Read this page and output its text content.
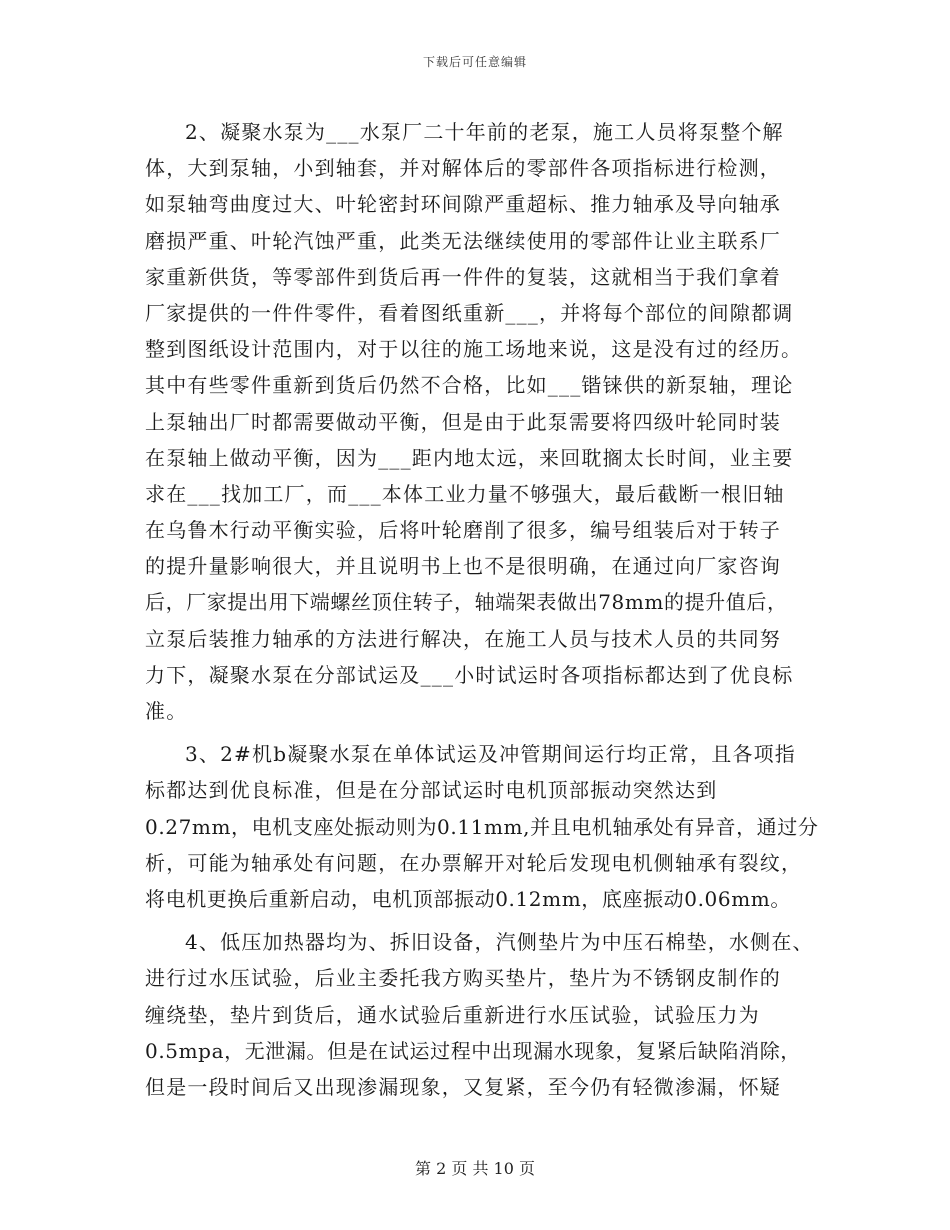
下载后可任意编辑
2、凝聚水泵为___水泵厂二十年前的老泵，施工人员将泵整个解
体，大到泵轴，小到轴套，并对解体后的零部件各项指标进行检测，
如泵轴弯曲度过大、叶轮密封环间隙严重超标、推力轴承及导向轴承
磨损严重、叶轮汽蚀严重，此类无法继续使用的零部件让业主联系厂
家重新供货，等零部件到货后再一件件的复装，这就相当于我们拿着
厂家提供的一件件零件，看着图纸重新___，并将每个部位的间隙都调
整到图纸设计范围内，对于以往的施工场地来说，这是没有过的经历。
其中有些零件重新到货后仍然不合格，比如___锴铼供的新泵轴，理论
上泵轴出厂时都需要做动平衡，但是由于此泵需要将四级叶轮同时装
在泵轴上做动平衡，因为___距内地太远，来回耽搁太长时间，业主要
求在___找加工厂，而___本体工业力量不够强大，最后截断一根旧轴
在乌鲁木行动平衡实验，后将叶轮磨削了很多，编号组装后对于转子
的提升量影响很大，并且说明书上也不是很明确，在通过向厂家咨询
后，厂家提出用下端螺丝顶住转子，轴端架表做出78mm的提升值后，
立泵后装推力轴承的方法进行解决，在施工人员与技术人员的共同努
力下，凝聚水泵在分部试运及___小时试运时各项指标都达到了优良标
准。
3、2#机b凝聚水泵在单体试运及冲管期间运行均正常，且各项指
标都达到优良标准，但是在分部试运时电机顶部振动突然达到
0.27mm，电机支座处振动则为0.11mm,并且电机轴承处有异音，通过分
析，可能为轴承处有问题，在办票解开对轮后发现电机侧轴承有裂纹，
将电机更换后重新启动，电机顶部振动0.12mm，底座振动0.06mm。
4、低压加热器均为、拆旧设备，汽侧垫片为中压石棉垫，水侧在、
进行过水压试验，后业主委托我方购买垫片，垫片为不锈钢皮制作的
缠绕垫，垫片到货后，通水试验后重新进行水压试验，试验压力为
0.5mpa，无泄漏。但是在试运过程中出现漏水现象，复紧后缺陷消除，
但是一段时间后又出现渗漏现象，又复紧，至今仍有轻微渗漏，怀疑
第 2 页 共 10 页
